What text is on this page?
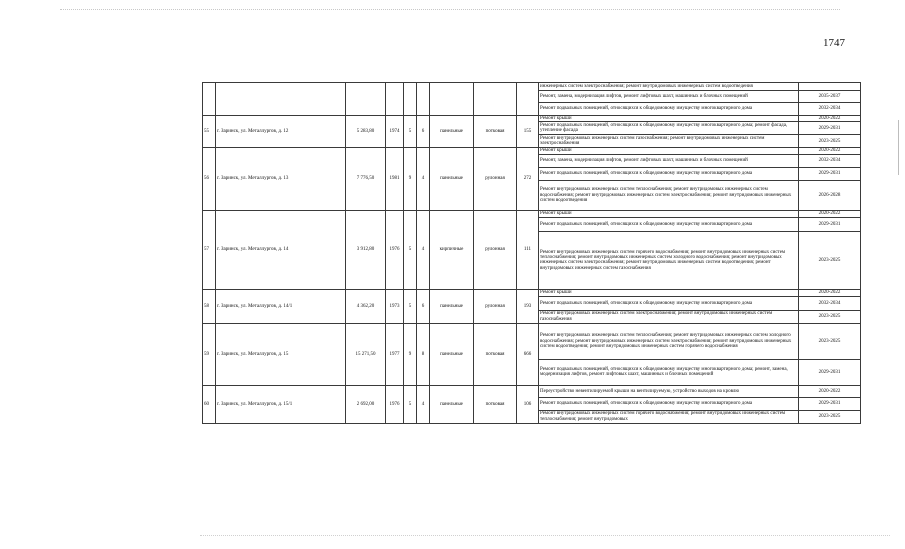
1747
									инженерных систем электроснабжения; ремонт внутридомовых инженерных систем водоотведения	
									Ремонт, замена, модернизация лифтов, ремонт лифтовых шахт, машинных и блочных помещений	2035-2037
									Ремонт подвальных помещений, относящихся к общедомовому имуществу многоквартирного дома	2032-2034
55	г. Заринск, ул. Металлургов, д. 12	5 283,80	1974	5	6	панельные	потковая	155	Ремонт крыши	2020-2022
									Ремонт подвальных помещений, относящихся к общедомовому имуществу многоквартирного дома; ремонт фасада, утепление фасада	2029-2031
									Ремонт внутридомовых инженерных систем газоснабжения; ремонт внутридомовых инженерных систем электроснабжения	2023-2025
56	г. Заринск, ул. Металлургов, д. 13	7 776,50	1981	9	4	панельные	рулонная	272	Ремонт крыши	2020-2022
									Ремонт, замена, модернизация лифтов, ремонт лифтовых шахт, машинных и блочных помещений	2032-2034
									Ремонт подвальных помещений, относящихся к общедомовому имуществу многоквартирного дома	2029-2031
									Ремонт внутридомовых инженерных систем теплоснабжения; ремонт внутридомовых инженерных систем водоснабжения; ремонт внутридомовых инженерных систем электроснабжения; ремонт внутридомовых инженерных систем водоотведения	2026-2028
57	г. Заринск, ул. Металлургов, д. 14	3 912,80	1976	5	4	кирпичные	рулонная	111	Ремонт крыши	2020-2022
									Ремонт подвальных помещений, относящихся к общедомовому имуществу многоквартирного дома	2029-2031
									Ремонт внутридомовых инженерных систем горячего водоснабжения; ремонт внутридомовых инженерных систем теплоснабжения; ремонт внутридомовых инженерных систем холодного водоснабжения; ремонт внутридомовых инженерных систем электроснабжения; ремонт внутридомовых инженерных систем водоотведения; ремонт внутридомовых инженерных систем газоснабжения	2023-2025
58	г. Заринск, ул. Металлургов, д. 14/1	4 362,20	1973	5	6	панельные	рулонная	193	Ремонт крыши	2020-2022
									Ремонт подвальных помещений, относящихся к общедомовому имуществу многоквартирного дома	2032-2034
									Ремонт внутридомовых инженерных систем электроснабжения; ремонт внутридомовых инженерных систем газоснабжения	2023-2025
59	г. Заринск, ул. Металлургов, д. 15	15 271,50	1977	9	8	панельные	потковая	666	Ремонт внутридомовых инженерных систем теплоснабжения; ремонт внутридомовых инженерных систем холодного водоснабжения; ремонт внутридомовых инженерных систем электроснабжения; ремонт внутридомовых инженерных систем водоотведения; ремонт внутридомовых инженерных систем горячего водоснабжения	2023-2025
									Ремонт подвальных помещений, относящихся к общедомовому имуществу многоквартирного дома; ремонт, замена, модернизация лифтов, ремонт лифтовых шахт, машинных и блочных помещений	2029-2031
60	г. Заринск, ул. Металлургов, д. 15/1	2 692,00	1976	5	4	панельные	потковая	106	Переустройство невентилируемой крыши на вентилируемую, устройство выходов на кровлю	2020-2022
									Ремонт подвальных помещений, относящихся к общедомовому имуществу многоквартирного дома	2029-2031
									Ремонт внутридомовых инженерных систем горячего водоснабжения; ремонт внутридомовых инженерных систем теплоснабжения; ремонт внутридомовых	2023-2025
